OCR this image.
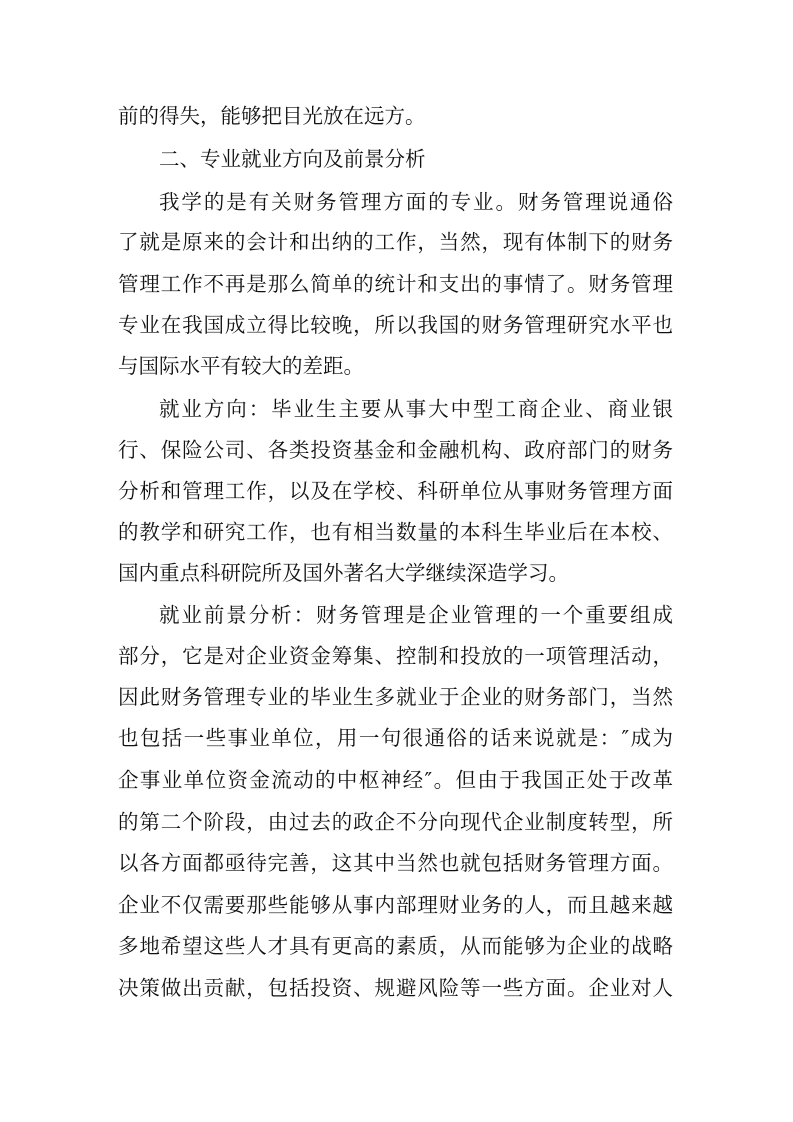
前的得失，能够把目光放在远方。
二、专业就业方向及前景分析
我学的是有关财务管理方面的专业。财务管理说通俗
了就是原来的会计和出纳的工作，当然，现有体制下的财务
管理工作不再是那么简单的统计和支出的事情了。财务管理
专业在我国成立得比较晚，所以我国的财务管理研究水平也
与国际水平有较大的差距。
就业方向：毕业生主要从事大中型工商企业、商业银
行、保险公司、各类投资基金和金融机构、政府部门的财务
分析和管理工作，以及在学校、科研单位从事财务管理方面
的教学和研究工作，也有相当数量的本科生毕业后在本校、
国内重点科研院所及国外著名大学继续深造学习。
就业前景分析：财务管理是企业管理的一个重要组成
部分，它是对企业资金筹集、控制和投放的一项管理活动，
因此财务管理专业的毕业生多就业于企业的财务部门，当然
也包括一些事业单位，用一句很通俗的话来说就是：″成为
企事业单位资金流动的中枢神经″。但由于我国正处于改革
的第二个阶段，由过去的政企不分向现代企业制度转型，所
以各方面都亟待完善，这其中当然也就包括财务管理方面。
企业不仅需要那些能够从事内部理财业务的人，而且越来越
多地希望这些人才具有更高的素质，从而能够为企业的战略
决策做出贡献，包括投资、规避风险等一些方面。企业对人
